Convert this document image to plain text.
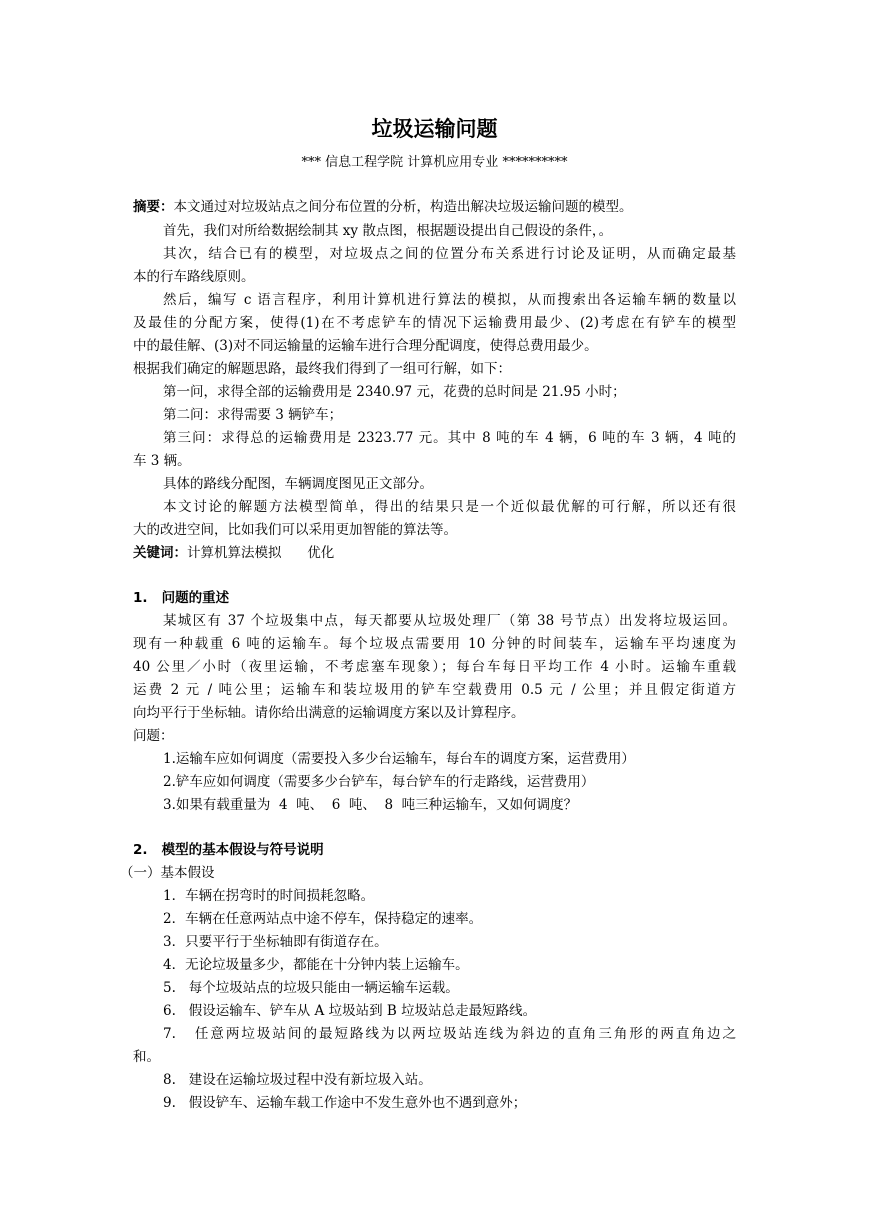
垃圾运输问题
*** 信息工程学院 计算机应用专业 **********
摘要：本文通过对垃圾站点之间分布位置的分析，构造出解决垃圾运输问题的模型。
首先，我们对所给数据绘制其 xy 散点图，根据题设提出自己假设的条件，。
其次，结合已有的模型，对垃圾点之间的位置分布关系进行讨论及证明，从而确定最基
本的行车路线原则。
然后，编写 c 语言程序，利用计算机进行算法的模拟，从而搜索出各运输车辆的数量以
及最佳的分配方案，使得(1)在不考虑铲车的情况下运输费用最少、(2)考虑在有铲车的模型
中的最佳解、(3)对不同运输量的运输车进行合理分配调度，使得总费用最少。
根据我们确定的解题思路，最终我们得到了一组可行解，如下：
第一问，求得全部的运输费用是 2340.97 元，花费的总时间是 21.95 小时；
第二问：求得需要 3 辆铲车；
第三问：求得总的运输费用是 2323.77 元。其中 8 吨的车 4 辆，6 吨的车 3 辆，4 吨的
车 3 辆。
具体的路线分配图，车辆调度图见正文部分。
本文讨论的解题方法模型简单，得出的结果只是一个近似最优解的可行解，所以还有很
大的改进空间，比如我们可以采用更加智能的算法等。
关键词：计算机算法模拟      优化
1.   问题的重述
某城区有 37 个垃圾集中点，每天都要从垃圾处理厂（第 38 号节点）出发将垃圾运回。
现有一种载重 6 吨的运输车。每个垃圾点需要用 10 分钟的时间装车，运输车平均速度为
40 公里／小时（夜里运输，不考虑塞车现象）；每台车每日平均工作 4 小时。运输车重载
运费 2 元 / 吨公里；运输车和装垃圾用的铲车空载费用 0.5 元 / 公里；并且假定街道方
向均平行于坐标轴。请你给出满意的运输调度方案以及计算程序。
问题：
1.运输车应如何调度（需要投入多少台运输车，每台车的调度方案，运营费用）
2.铲车应如何调度（需要多少台铲车，每台铲车的行走路线，运营费用）
3.如果有载重量为  4  吨、  6  吨、  8  吨三种运输车，又如何调度？
2.   模型的基本假设与符号说明
（一）基本假设
1．车辆在拐弯时的时间损耗忽略。
2．车辆在任意两站点中途不停车，保持稳定的速率。
3．只要平行于坐标轴即有街道存在。
4．无论垃圾量多少，都能在十分钟内装上运输车。
5.   每个垃圾站点的垃圾只能由一辆运输车运载。
6.   假设运输车、铲车从 A 垃圾站到 B 垃圾站总走最短路线。
7.   任意两垃圾站间的最短路线为以两垃圾站连线为斜边的直角三角形的两直角边之
和。
8.   建设在运输垃圾过程中没有新垃圾入站。
9.   假设铲车、运输车载工作途中不发生意外也不遇到意外；
